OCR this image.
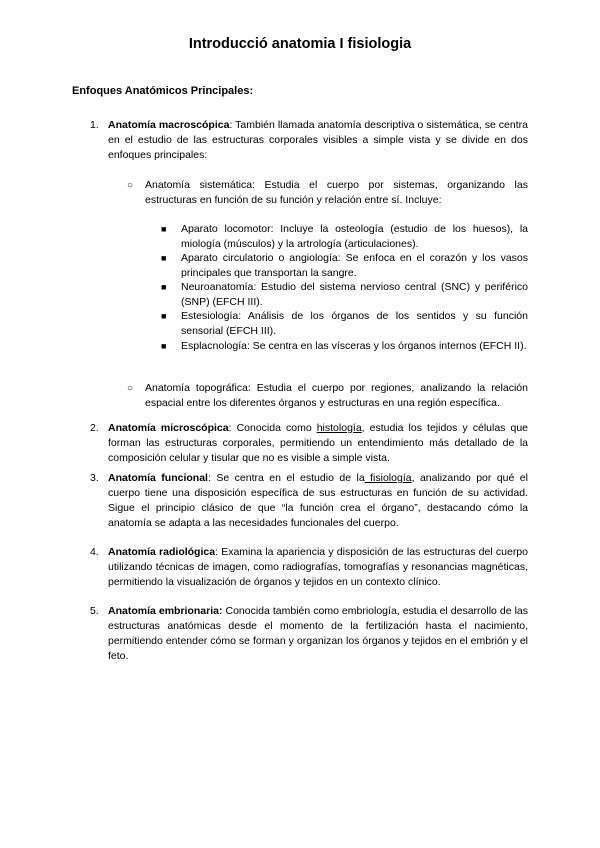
Introducció anatomia I fisiologia
Enfoques Anatómicos Principales:
1. Anatomía macroscópica: También llamada anatomía descriptiva o sistemática, se centra en el estudio de las estructuras corporales visibles a simple vista y se divide en dos enfoques principales:
○ Anatomía sistemática: Estudia el cuerpo por sistemas, organizando las estructuras en función de su función y relación entre sí. Incluye:
■ Aparato locomotor: Incluye la osteología (estudio de los huesos), la miología (músculos) y la artrología (articulaciones).
■ Aparato circulatorio o angiología: Se enfoca en el corazón y los vasos principales que transportan la sangre.
■ Neuroanatomía: Estudio del sistema nervioso central (SNC) y periférico (SNP) (EFCH III).
■ Estesiología: Análisis de los órganos de los sentidos y su función sensorial (EFCH III).
■ Esplacnología: Se centra en las vísceras y los órganos internos (EFCH II).
○ Anatomía topográfica: Estudia el cuerpo por regiones, analizando la relación espacial entre los diferentes órganos y estructuras en una región específica.
2. Anatomía microscópica: Conocida como histología, estudia los tejidos y células que forman las estructuras corporales, permitiendo un entendimiento más detallado de la composición celular y tisular que no es visible a simple vista.
3. Anatomía funcional: Se centra en el estudio de la fisiología, analizando por qué el cuerpo tiene una disposición específica de sus estructuras en función de su actividad. Sigue el principio clásico de que “la función crea el órgano”, destacando cómo la anatomía se adapta a las necesidades funcionales del cuerpo.
4. Anatomía radiológica: Examina la apariencia y disposición de las estructuras del cuerpo utilizando técnicas de imagen, como radiografías, tomografías y resonancias magnéticas, permitiendo la visualización de órganos y tejidos en un contexto clínico.
5. Anatomía embrionaria: Conocida también como embriología, estudia el desarrollo de las estructuras anatómicas desde el momento de la fertilización hasta el nacimiento, permitiendo entender cómo se forman y organizan los órganos y tejidos en el embrión y el feto.
